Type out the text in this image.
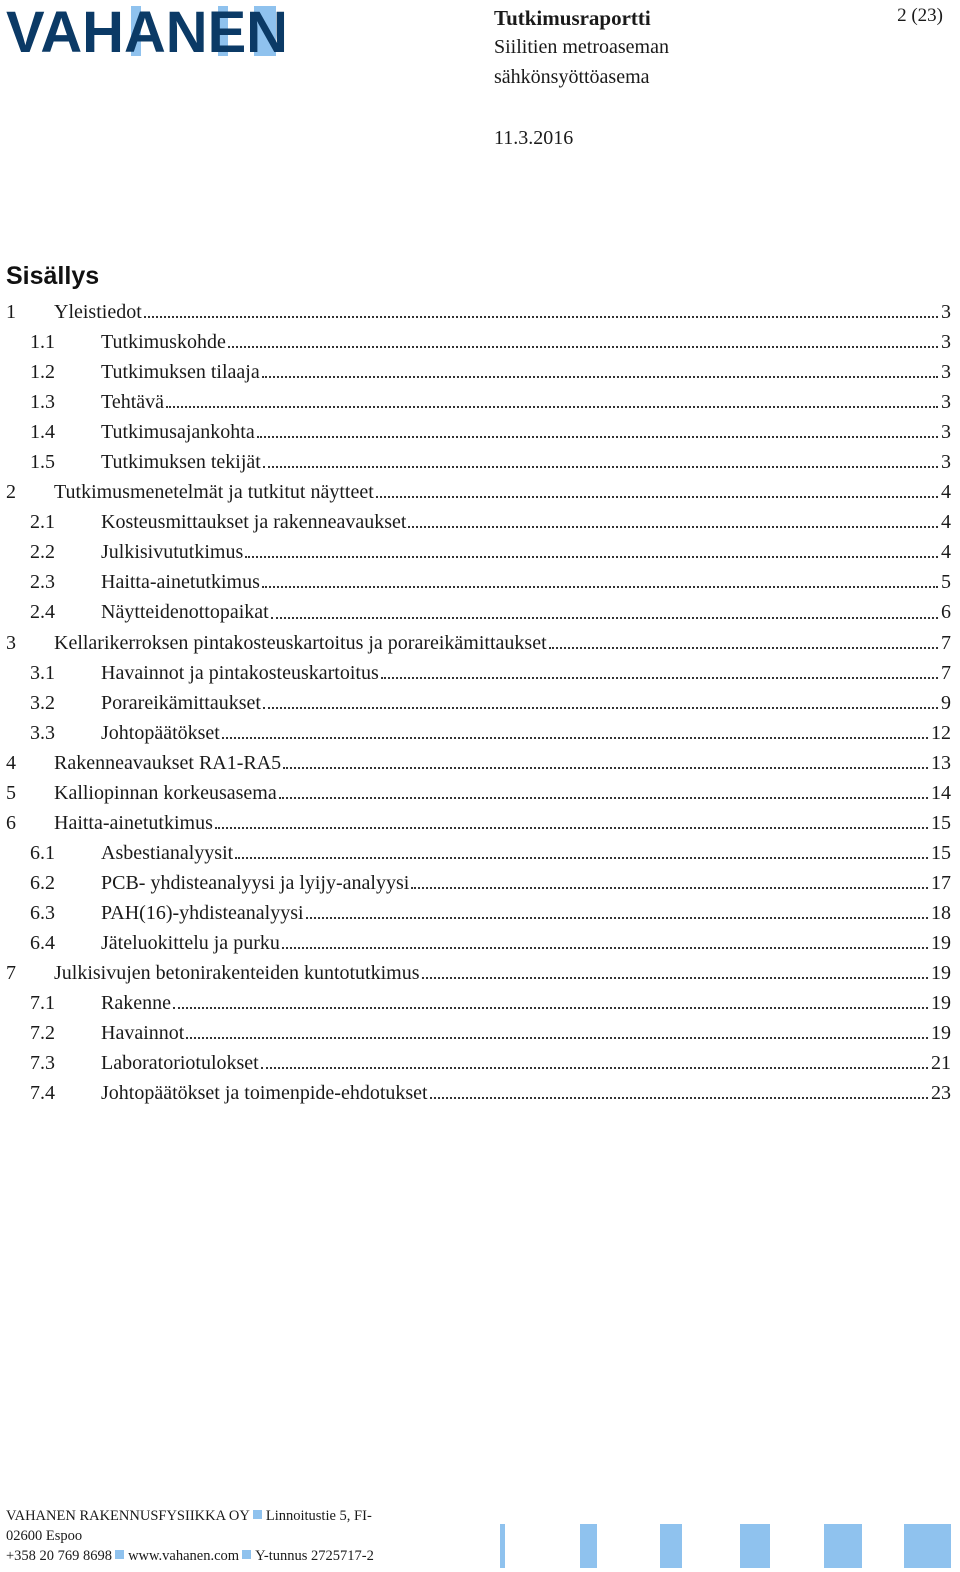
VAHANEN	Tutkimusraportti
Siilitien metroaseman
sähkönsyöttöasema
11.3.2016
2 (23)
Sisällys
1	Yleistiedot	3
1.1	Tutkimuskohde	3
1.2	Tutkimuksen tilaaja	3
1.3	Tehtävä	3
1.4	Tutkimusajankohta	3
1.5	Tutkimuksen tekijät	3
2	Tutkimusmenetelmät ja tutkitut näytteet	4
2.1	Kosteusmittaukset ja rakenneavaukset	4
2.2	Julkisivututkimus	4
2.3	Haitta-ainetutkimus	5
2.4	Näytteidenottopaikat	6
3	Kellarikerroksen pintakosteuskartoitus ja porareikämittaukset	7
3.1	Havainnot ja pintakosteuskartoitus	7
3.2	Porareikämittaukset	9
3.3	Johtopäätökset	12
4	Rakenneavaukset RA1-RA5	13
5	Kalliopinnan korkeusasema	14
6	Haitta-ainetutkimus	15
6.1	Asbestianalyysit	15
6.2	PCB- yhdisteanalyysi ja lyijy-analyysi	17
6.3	PAH(16)-yhdisteanalyysi	18
6.4	Jäteluokittelu ja purku	19
7	Julkisivujen betonirakenteiden kuntotutkimus	19
7.1	Rakenne	19
7.2	Havainnot	19
7.3	Laboratoriotulokset	21
7.4	Johtopäätökset ja toimenpide-ehdotukset	23
VAHANEN RAKENNUSFYSIIKKA OY Linnoitustie 5, FI-
02600 Espoo
+358 20 769 8698 www.vahanen.com Y-tunnus 2725717-2
